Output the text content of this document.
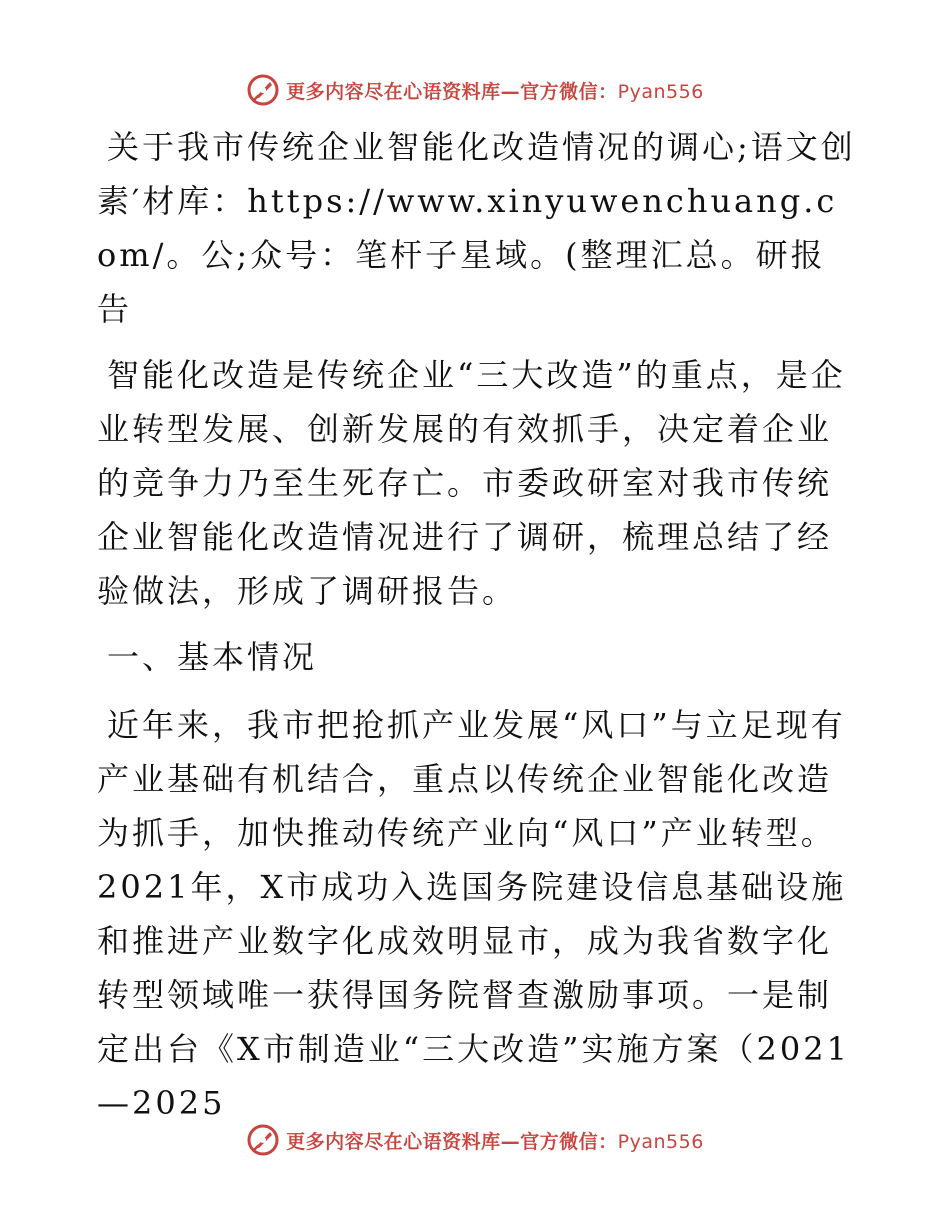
更多内容尽在心语资料库—官方微信：Pyan556

关于我市传统企业智能化改造情况的调心;语文创素′材库：https://www.xinyuwenchuang.com/。公;众号：笔杆子星域。(整理汇总。研报告

智能化改造是传统企业“三大改造”的重点，是企业转型发展、创新发展的有效抓手，决定着企业的竞争力乃至生死存亡。市委政研室对我市传统企业智能化改造情况进行了调研，梳理总结了经验做法，形成了调研报告。

一、基本情况

近年来，我市把抢抓产业发展“风口”与立足现有产业基础有机结合，重点以传统企业智能化改造为抓手，加快推动传统产业向“风口”产业转型。2021年，X市成功入选国务院建设信息基础设施和推进产业数字化成效明显市，成为我省数字化转型领域唯一获得国务院督查激励事项。一是制定出台《X市制造业“三大改造”实施方案（2021—2025

更多内容尽在心语资料库—官方微信：Pyan556
